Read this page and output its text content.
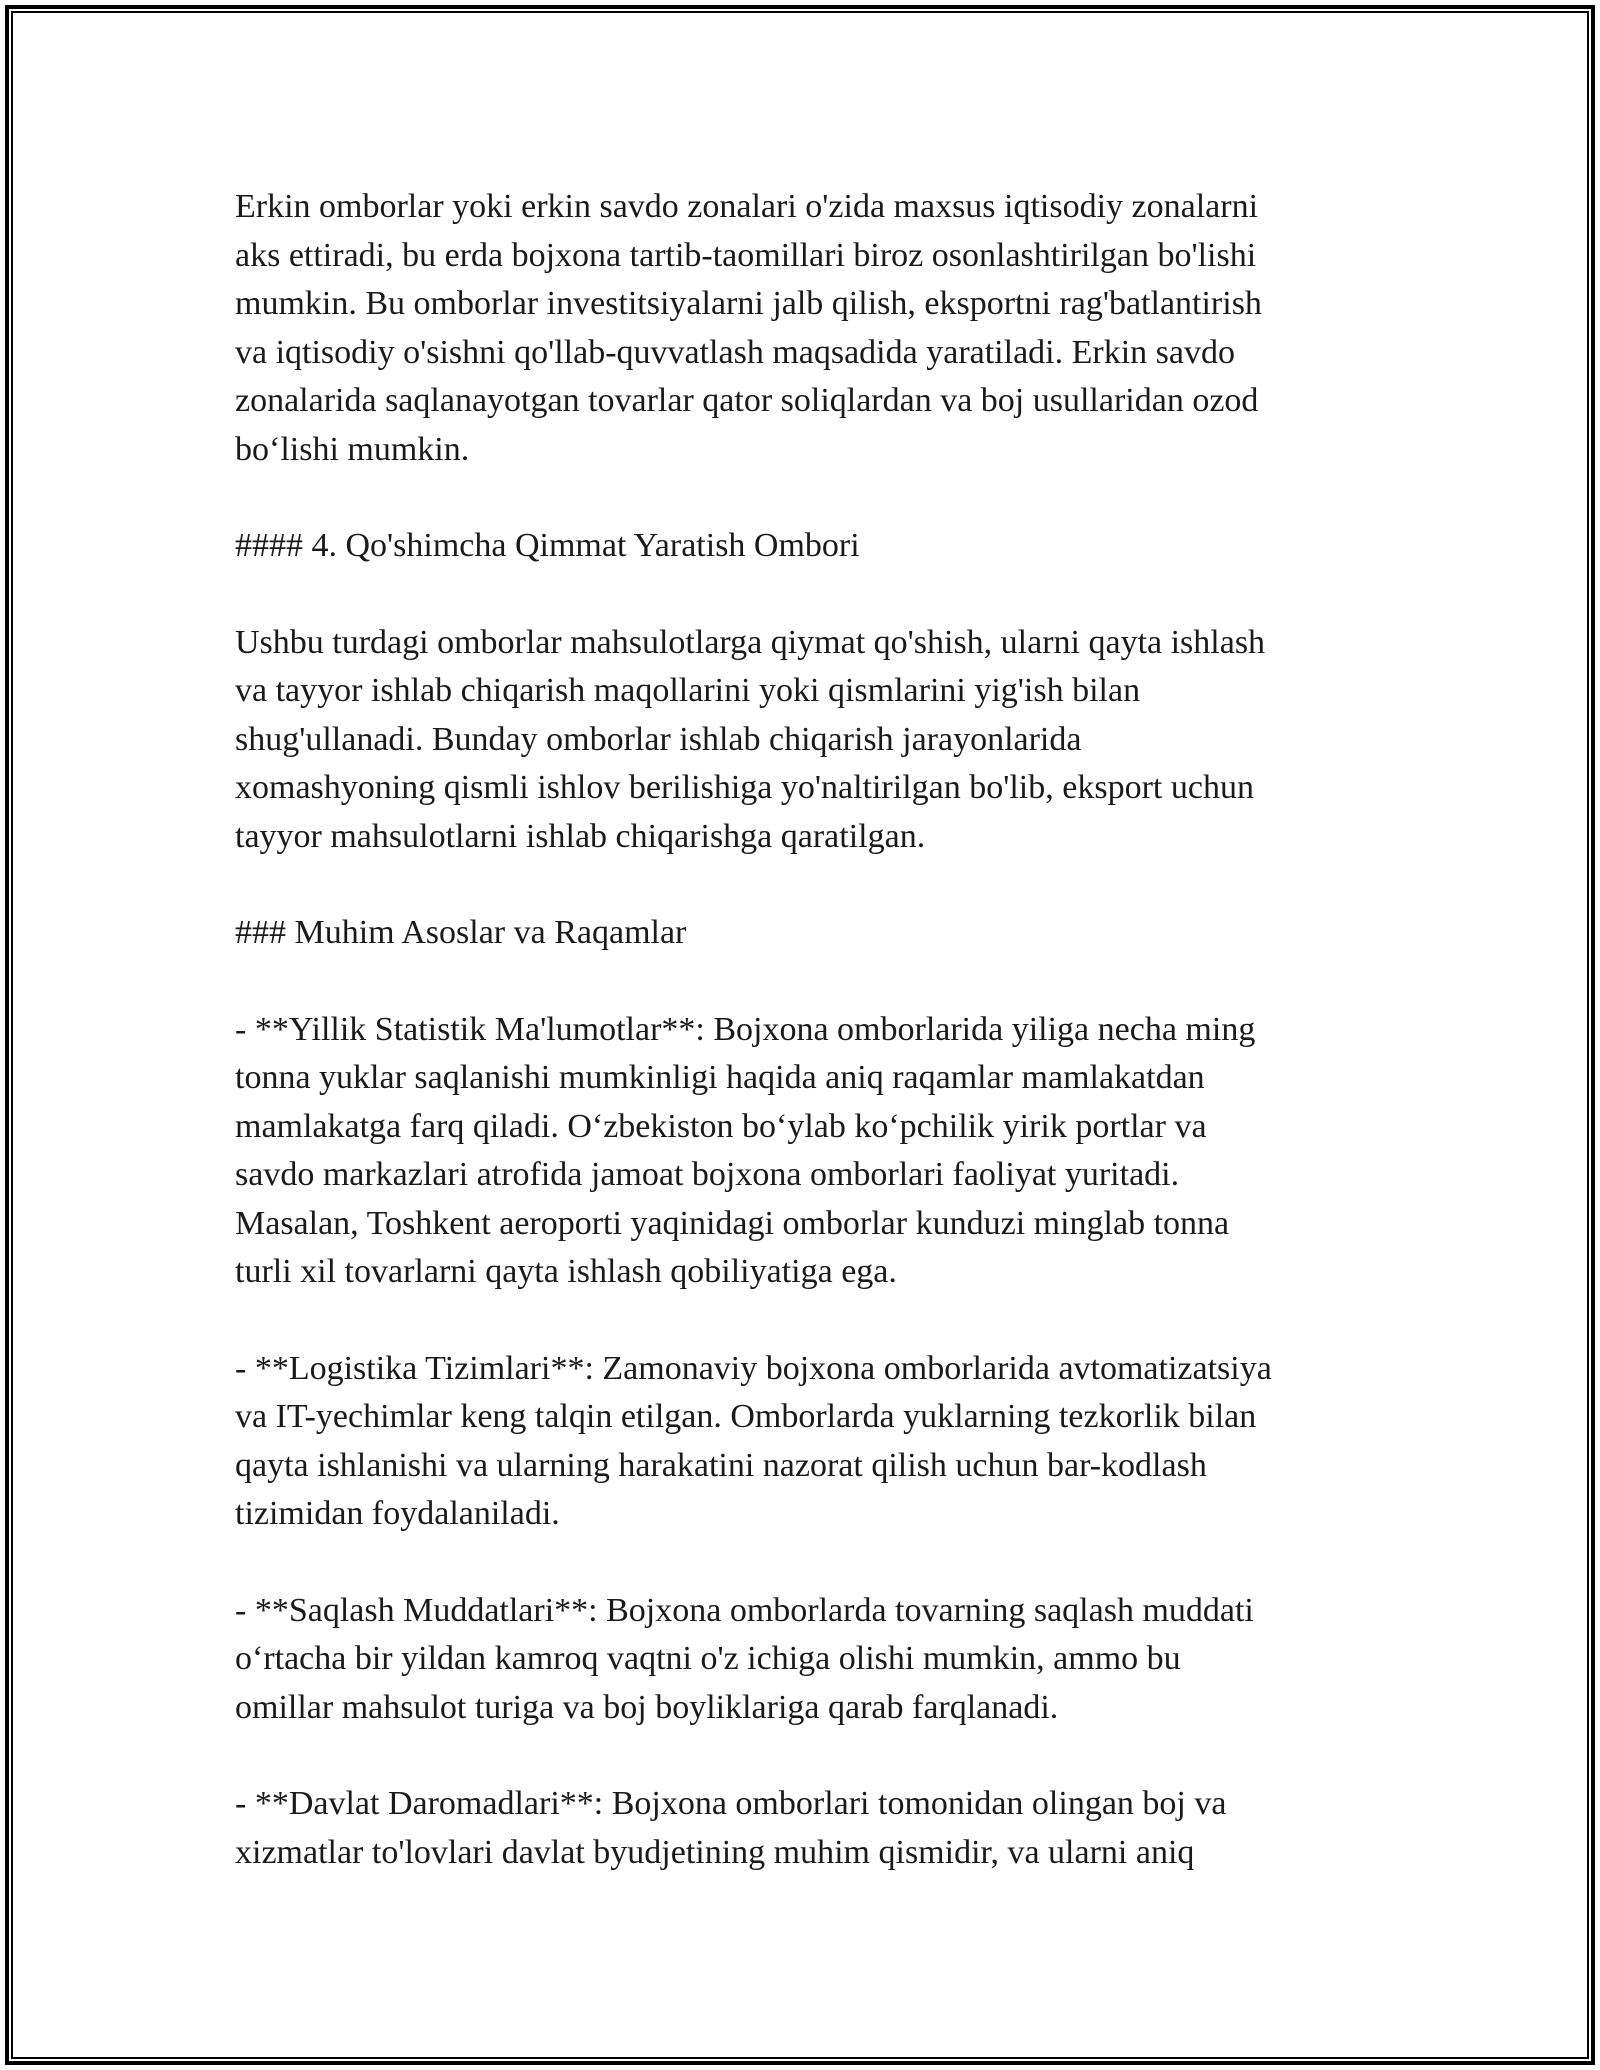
Erkin omborlar yoki erkin savdo zonalari o'zida maxsus iqtisodiy zonalarni
aks ettiradi, bu erda bojxona tartib-taomillari biroz osonlashtirilgan bo'lishi
mumkin. Bu omborlar investitsiyalarni jalb qilish, eksportni rag'batlantirish
va iqtisodiy o'sishni qo'llab-quvvatlash maqsadida yaratiladi. Erkin savdo
zonalarida saqlanayotgan tovarlar qator soliqlardan va boj usullaridan ozod
bo‘lishi mumkin.

#### 4. Qo'shimcha Qimmat Yaratish Ombori

Ushbu turdagi omborlar mahsulotlarga qiymat qo'shish, ularni qayta ishlash
va tayyor ishlab chiqarish maqollarini yoki qismlarini yig'ish bilan
shug'ullanadi. Bunday omborlar ishlab chiqarish jarayonlarida
xomashyoning qismli ishlov berilishiga yo'naltirilgan bo'lib, eksport uchun
tayyor mahsulotlarni ishlab chiqarishga qaratilgan.

### Muhim Asoslar va Raqamlar

- **Yillik Statistik Ma'lumotlar**: Bojxona omborlarida yiliga necha ming
tonna yuklar saqlanishi mumkinligi haqida aniq raqamlar mamlakatdan
mamlakatga farq qiladi. O‘zbekiston bo‘ylab ko‘pchilik yirik portlar va
savdo markazlari atrofida jamoat bojxona omborlari faoliyat yuritadi.
Masalan, Toshkent aeroporti yaqinidagi omborlar kunduzi minglab tonna
turli xil tovarlarni qayta ishlash qobiliyatiga ega.

- **Logistika Tizimlari**: Zamonaviy bojxona omborlarida avtomatizatsiya
va IT-yechimlar keng talqin etilgan. Omborlarda yuklarning tezkorlik bilan
qayta ishlanishi va ularning harakatini nazorat qilish uchun bar-kodlash
tizimidan foydalaniladi.

- **Saqlash Muddatlari**: Bojxona omborlarda tovarning saqlash muddati
o‘rtacha bir yildan kamroq vaqtni o'z ichiga olishi mumkin, ammo bu
omillar mahsulot turiga va boj boyliklariga qarab farqlanadi.

- **Davlat Daromadlari**: Bojxona omborlari tomonidan olingan boj va
xizmatlar to'lovlari davlat byudjetining muhim qismidir, va ularni aniq
